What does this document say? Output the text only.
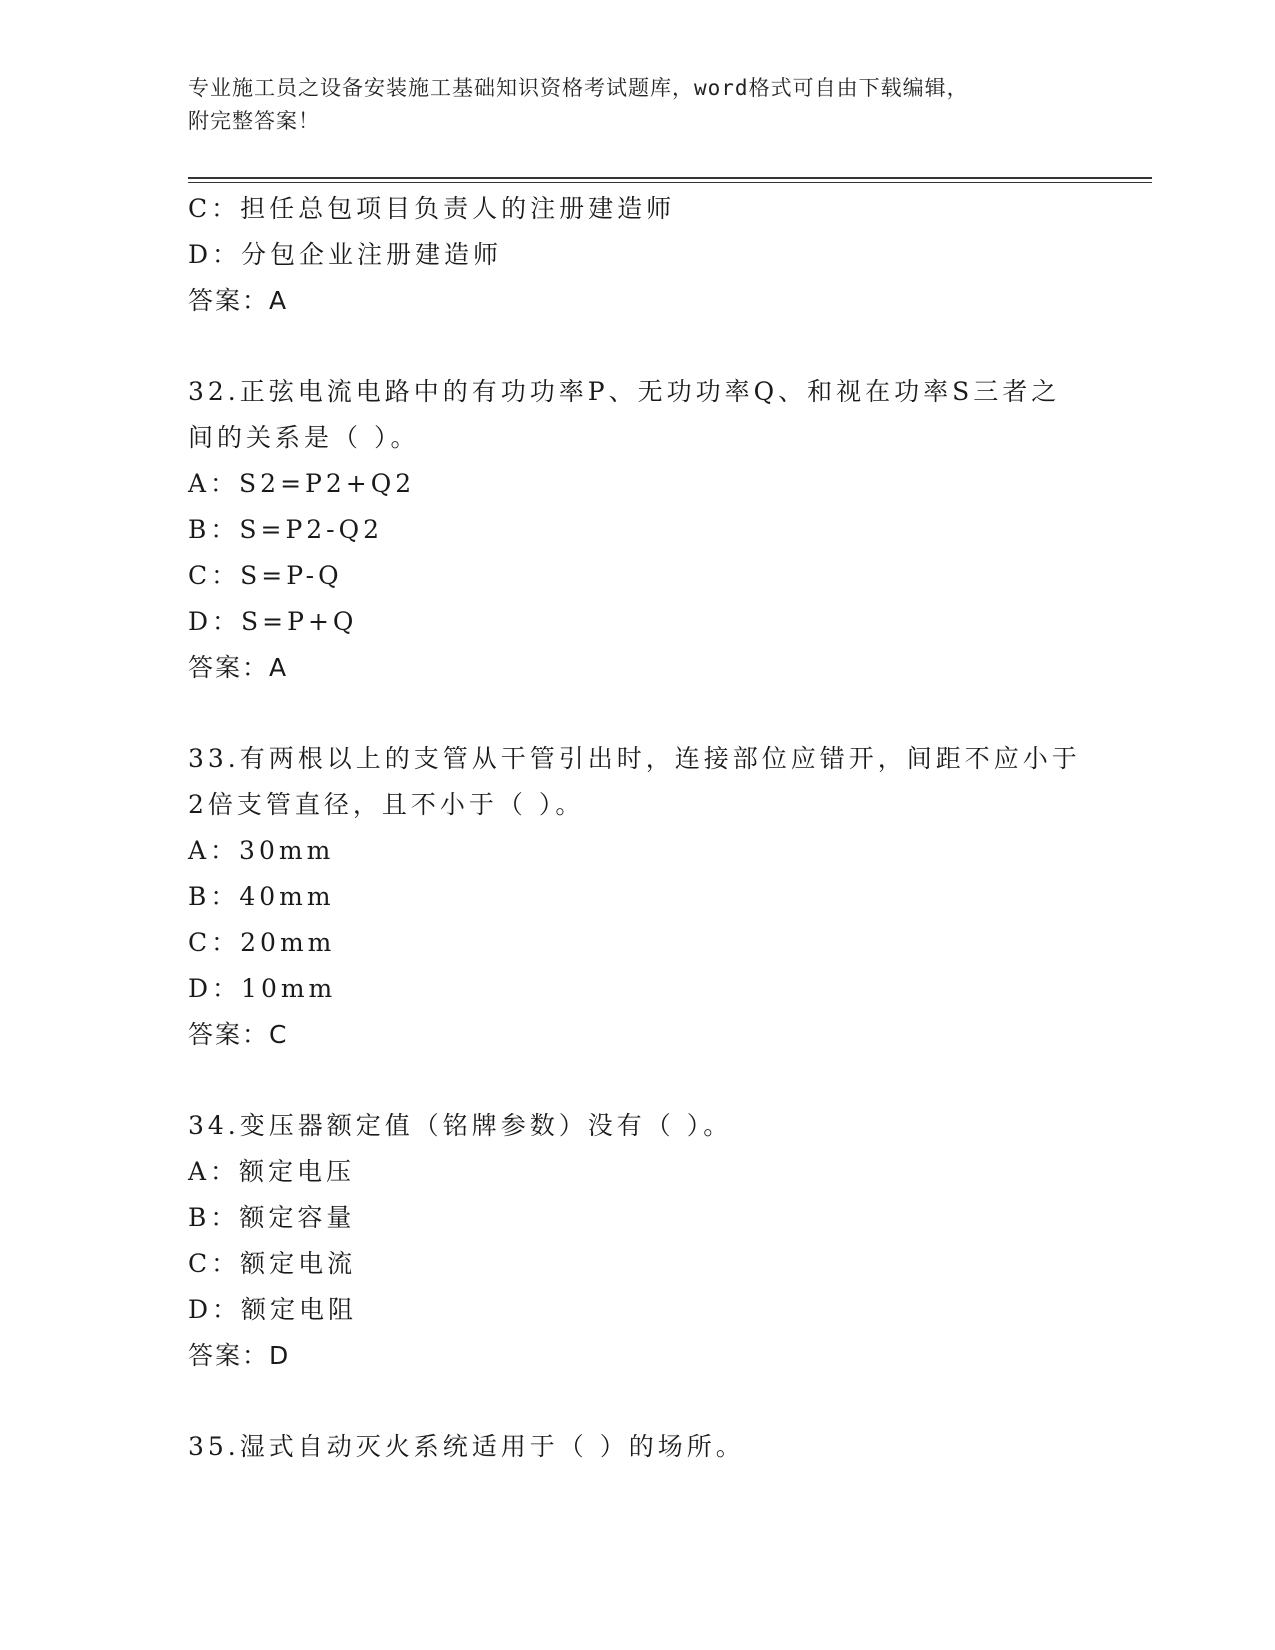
专业施工员之设备安装施工基础知识资格考试题库，word格式可自由下载编辑，
附完整答案！
C：担任总包项目负责人的注册建造师
D：分包企业注册建造师
答案：A
32.正弦电流电路中的有功功率P、无功功率Q、和视在功率S三者之
间的关系是（ ）。
A：S2=P2+Q2
B：S=P2-Q2
C：S=P-Q
D：S=P+Q
答案：A
33.有两根以上的支管从干管引出时，连接部位应错开，间距不应小于
2倍支管直径，且不小于（ ）。
A：30mm
B：40mm
C：20mm
D：10mm
答案：C
34.变压器额定值（铭牌参数）没有（ ）。
A：额定电压
B：额定容量
C：额定电流
D：额定电阻
答案：D
35.湿式自动灭火系统适用于（ ）的场所。
